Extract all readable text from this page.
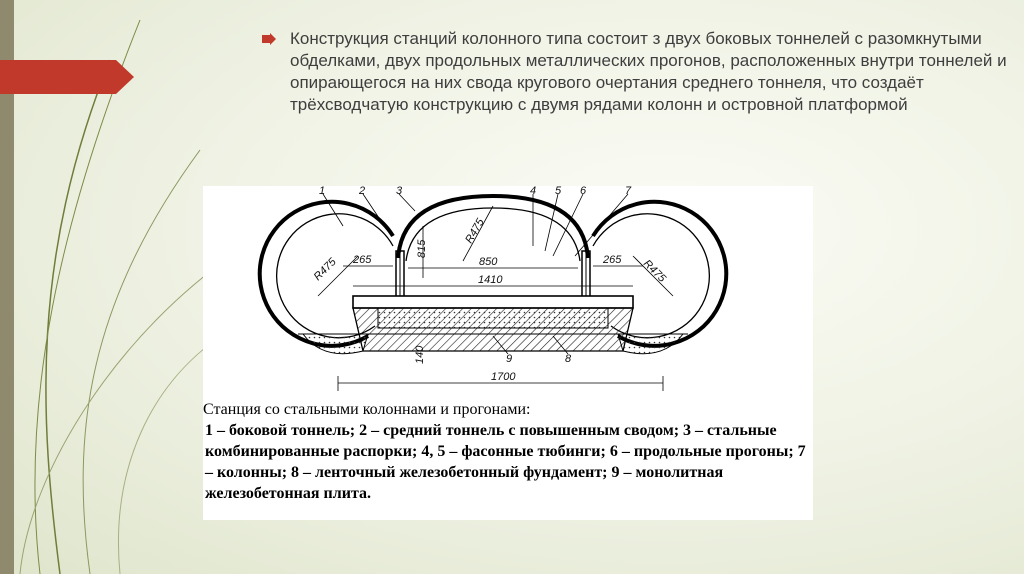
Конструкция станций колонного типа состоит з двух боковых тоннелей с разомкнутыми обделками, двух продольных металлических прогонов, расположенных внутри тоннелей и опирающегося на них свода кругового очертания среднего тоннеля, что создаёт трёхсводчатую конструкцию с двумя рядами колонн и островной платформой
1	2	3	4 5 6	7
8
9
265
815
850
R475
265
R475	R475
1410
140
1700
Станция со стальными колоннами и прогонами:
1 – боковой тоннель; 2 – средний тоннель с повышенным сводом; 3 – стальные комбинированные распорки; 4, 5 – фасонные тюбинги; 6 – продольные прогоны; 7 – колонны; 8 – ленточный железобетонный фундамент; 9 – монолитная железобетонная плита.
